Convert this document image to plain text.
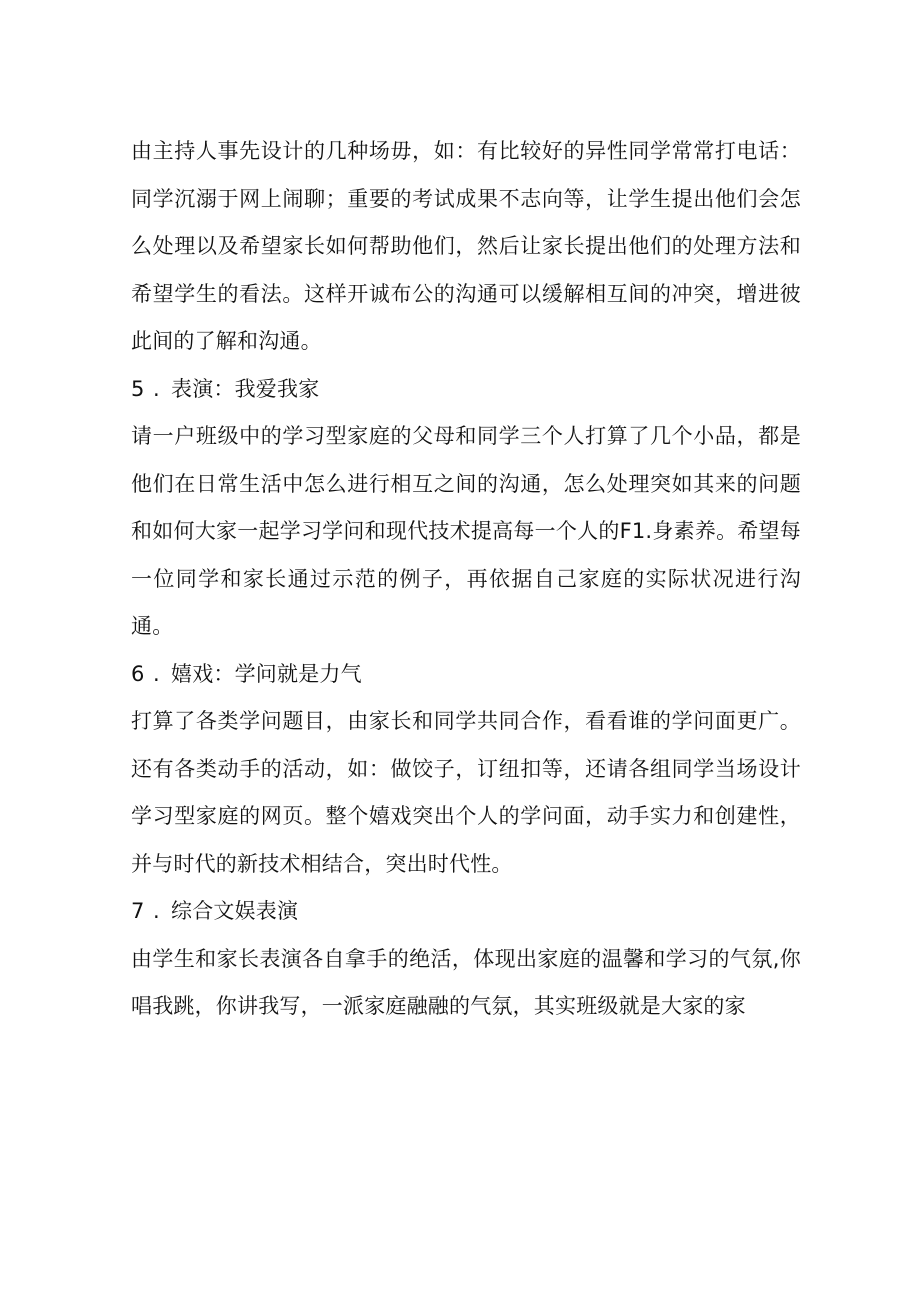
由主持人事先设计的几种场毋，如：有比较好的异性同学常常打电话：同学沉溺于网上闹聊；重要的考试成果不志向等，让学生提出他们会怎么处理以及希望家长如何帮助他们，然后让家长提出他们的处理方法和希望学生的看法。这样开诚布公的沟通可以缓解相互间的冲突，增进彼此间的了解和沟通。

5 . 表演：我爱我家

请一户班级中的学习型家庭的父母和同学三个人打算了几个小品，都是他们在日常生活中怎么进行相互之间的沟通，怎么处理突如其来的问题和如何大家一起学习学问和现代技术提高每一个人的F1.身素养。希望每一位同学和家长通过示范的例子，再依据自己家庭的实际状况进行沟通。

6 . 嬉戏：学问就是力气

打算了各类学问题目，由家长和同学共同合作，看看谁的学问面更广。还有各类动手的活动，如：做饺子，订纽扣等，还请各组同学当场设计学习型家庭的网页。整个嬉戏突出个人的学问面，动手实力和创建性，并与时代的新技术相结合，突出时代性。

7 . 综合文娱表演

由学生和家长表演各自拿手的绝活，体现出家庭的温馨和学习的气氛,你唱我跳，你讲我写，一派家庭融融的气氛，其实班级就是大家的家
